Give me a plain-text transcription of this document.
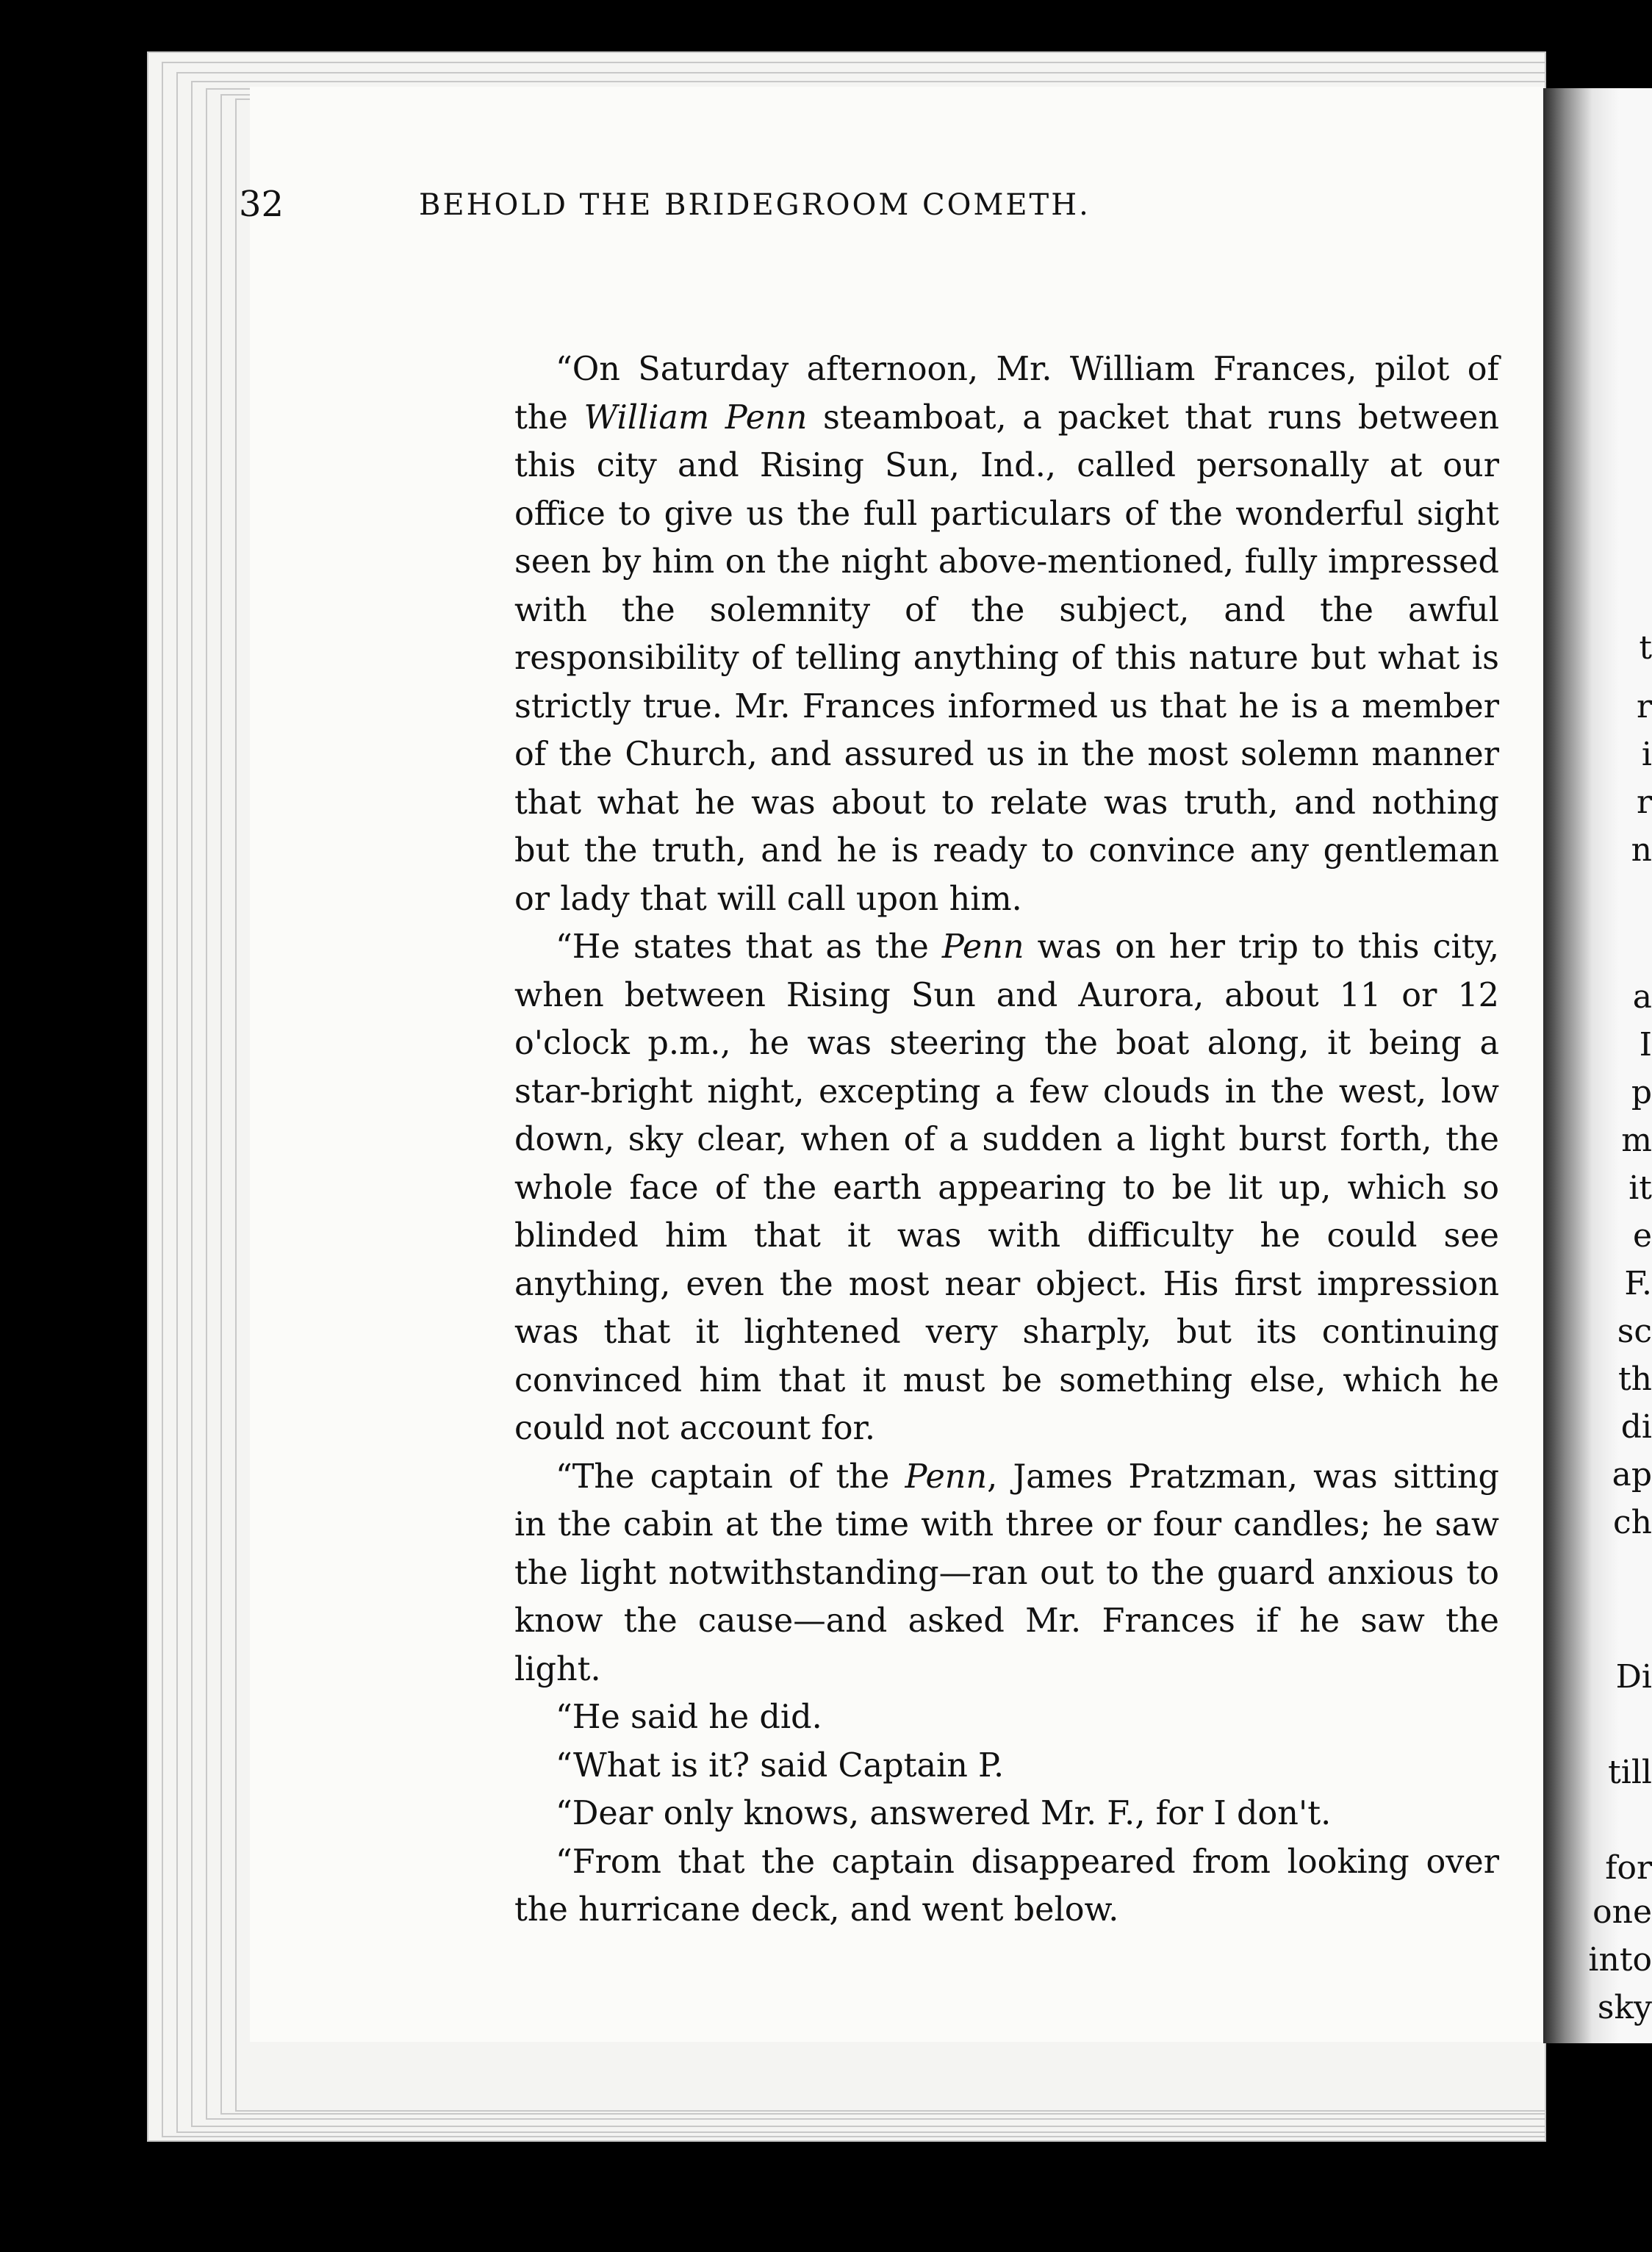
t
r
i
r
n
a
I
p
m
it
e
F.
sc
th
di
ap
ch
Di
till
for
one
into
sky
32	BEHOLD THE BRIDEGROOM COMETH.

“On Saturday afternoon, Mr. William Frances, pilot of the William Penn steamboat, a packet that runs between this city and Rising Sun, Ind., called personally at our office to give us the full particulars of the wonderful sight seen by him on the night above-mentioned, fully impressed with the solemnity of the subject, and the awful responsibility of telling anything of this nature but what is strictly true. Mr. Frances informed us that he is a member of the Church, and assured us in the most solemn manner that what he was about to relate was truth, and nothing but the truth, and he is ready to convince any gentleman or lady that will call upon him.

“He states that as the Penn was on her trip to this city, when between Rising Sun and Aurora, about 11 or 12 o'clock p.m., he was steering the boat along, it being a star-bright night, excepting a few clouds in the west, low down, sky clear, when of a sudden a light burst forth, the whole face of the earth appearing to be lit up, which so blinded him that it was with difficulty he could see anything, even the most near object. His first impression was that it lightened very sharply, but its continuing convinced him that it must be something else, which he could not account for.

“The captain of the Penn, James Pratzman, was sitting in the cabin at the time with three or four candles; he saw the light notwithstanding—ran out to the guard anxious to know the cause—and asked Mr. Frances if he saw the light.

“He said he did.

“What is it? said Captain P.

“Dear only knows, answered Mr. F., for I don't.

“From that the captain disappeared from looking over the hurricane deck, and went below.
